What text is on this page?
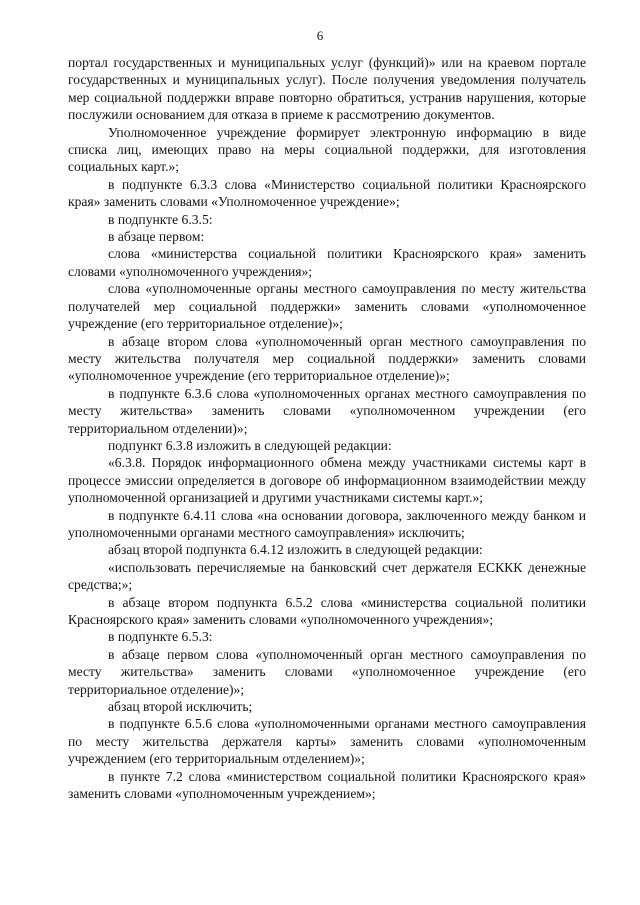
6

портал государственных и муниципальных услуг (функций)» или на краевом портале государственных и муниципальных услуг). После получения уведомления получатель мер социальной поддержки вправе повторно обратиться, устранив нарушения, которые послужили основанием для отказа в приеме к рассмотрению документов.

Уполномоченное учреждение формирует электронную информацию в виде списка лиц, имеющих право на меры социальной поддержки, для изготовления социальных карт.»;

в подпункте 6.3.3 слова «Министерство социальной политики Красноярского края» заменить словами «Уполномоченное учреждение»;

в подпункте 6.3.5:

в абзаце первом:

слова «министерства социальной политики Красноярского края» заменить словами «уполномоченного учреждения»;

слова «уполномоченные органы местного самоуправления по месту жительства получателей мер социальной поддержки» заменить словами «уполномоченное учреждение (его территориальное отделение)»;

в абзаце втором слова «уполномоченный орган местного самоуправления по месту жительства получателя мер социальной поддержки» заменить словами «уполномоченное учреждение (его территориальное отделение)»;

в подпункте 6.3.6 слова «уполномоченных органах местного самоуправления по месту жительства» заменить словами «уполномоченном учреждении (его территориальном отделении)»;

подпункт 6.3.8 изложить в следующей редакции:

«6.3.8. Порядок информационного обмена между участниками системы карт в процессе эмиссии определяется в договоре об информационном взаимодействии между уполномоченной организацией и другими участниками системы карт.»;

в подпункте 6.4.11 слова «на основании договора, заключенного между банком и уполномоченными органами местного самоуправления» исключить;

абзац второй подпункта 6.4.12 изложить в следующей редакции:

«использовать перечисляемые на банковский счет держателя ЕСККК денежные средства;»;

в абзаце втором подпункта 6.5.2 слова «министерства социальной политики Красноярского края» заменить словами «уполномоченного учреждения»;

в подпункте 6.5.3:

в абзаце первом слова «уполномоченный орган местного самоуправления по месту жительства» заменить словами «уполномоченное учреждение (его территориальное отделение)»;

абзац второй исключить;

в подпункте 6.5.6 слова «уполномоченными органами местного самоуправления по месту жительства держателя карты» заменить словами «уполномоченным учреждением (его территориальным отделением)»;

в пункте 7.2 слова «министерством социальной политики Красноярского края» заменить словами «уполномоченным учреждением»;
